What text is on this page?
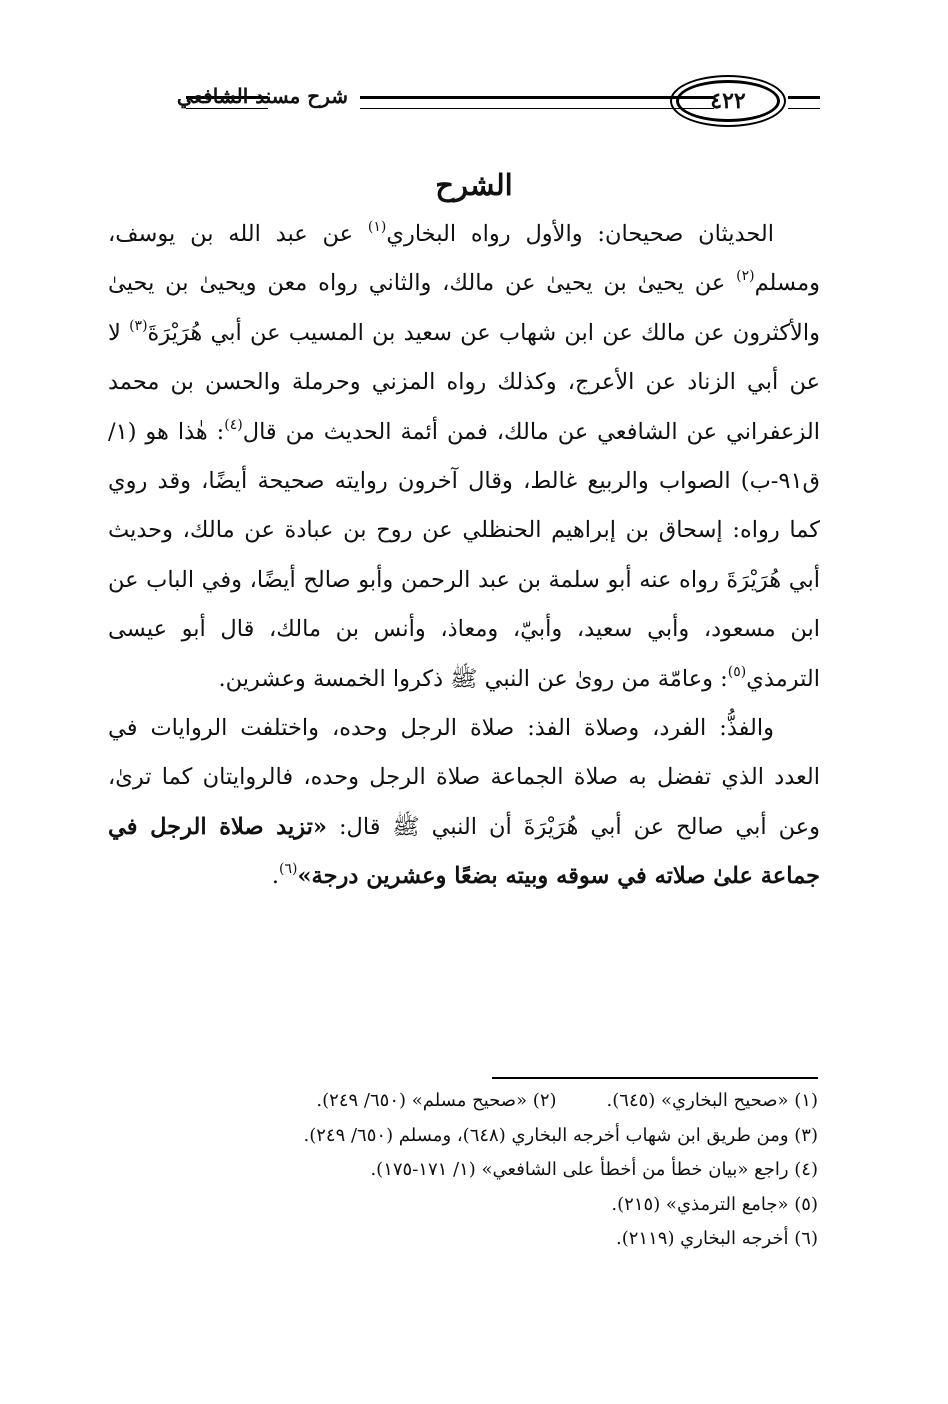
شرح مسند الشافعي	٤٢٢
الشرح

الحديثان صحيحان: والأول رواه البخاري$^{(١)}$ عن عبد الله بن يوسف، ومسلم$^{(٢)}$ عن يحيىٰ بن يحيىٰ عن مالك، والثاني رواه معن ويحيىٰ بن يحيىٰ والأكثرون عن مالك عن ابن شهاب عن سعيد بن المسيب عن أبي هُرَيْرَةَ$^{(٣)}$ لا عن أبي الزناد عن الأعرج، وكذلك رواه المزني وحرملة والحسن بن محمد الزعفراني عن الشافعي عن مالك، فمن أئمة الحديث من قال$^{(٤)}$: هٰذا هو (١/ق٩١-ب) الصواب والربيع غالط، وقال آخرون روايته صحيحة أيضًا، وقد روي كما رواه: إسحاق بن إبراهيم الحنظلي عن روح بن عبادة عن مالك، وحديث أبي هُرَيْرَةَ رواه عنه أبو سلمة بن عبد الرحمن وأبو صالح أيضًا، وفي الباب عن ابن مسعود، وأبي سعيد، وأبيّ، ومعاذ، وأنس بن مالك، قال أبو عيسى الترمذي$^{(٥)}$: وعامّة من روىٰ عن النبي ﷺ ذكروا الخمسة وعشرين.

والفذُّ: الفرد، وصلاة الفذ: صلاة الرجل وحده، واختلفت الروايات في العدد الذي تفضل به صلاة الجماعة صلاة الرجل وحده، فالروايتان كما ترىٰ، وعن أبي صالح عن أبي هُرَيْرَةَ أن النبي ﷺ قال: «تزيد صلاة الرجل في جماعة علىٰ صلاته في سوقه وبيته بضعًا وعشرين درجة»$^{(٦)}$.

(١) «صحيح البخاري» (٦٤٥).(٢) «صحيح مسلم» (٦٥٠/ ٢٤٩).
(٣) ومن طريق ابن شهاب أخرجه البخاري (٦٤٨)، ومسلم (٦٥٠/ ٢٤٩).
(٤) راجع «بيان خطأ من أخطأ على الشافعي» (١/ ١٧١-١٧٥).
(٥) «جامع الترمذي» (٢١٥).
(٦) أخرجه البخاري (٢١١٩).
